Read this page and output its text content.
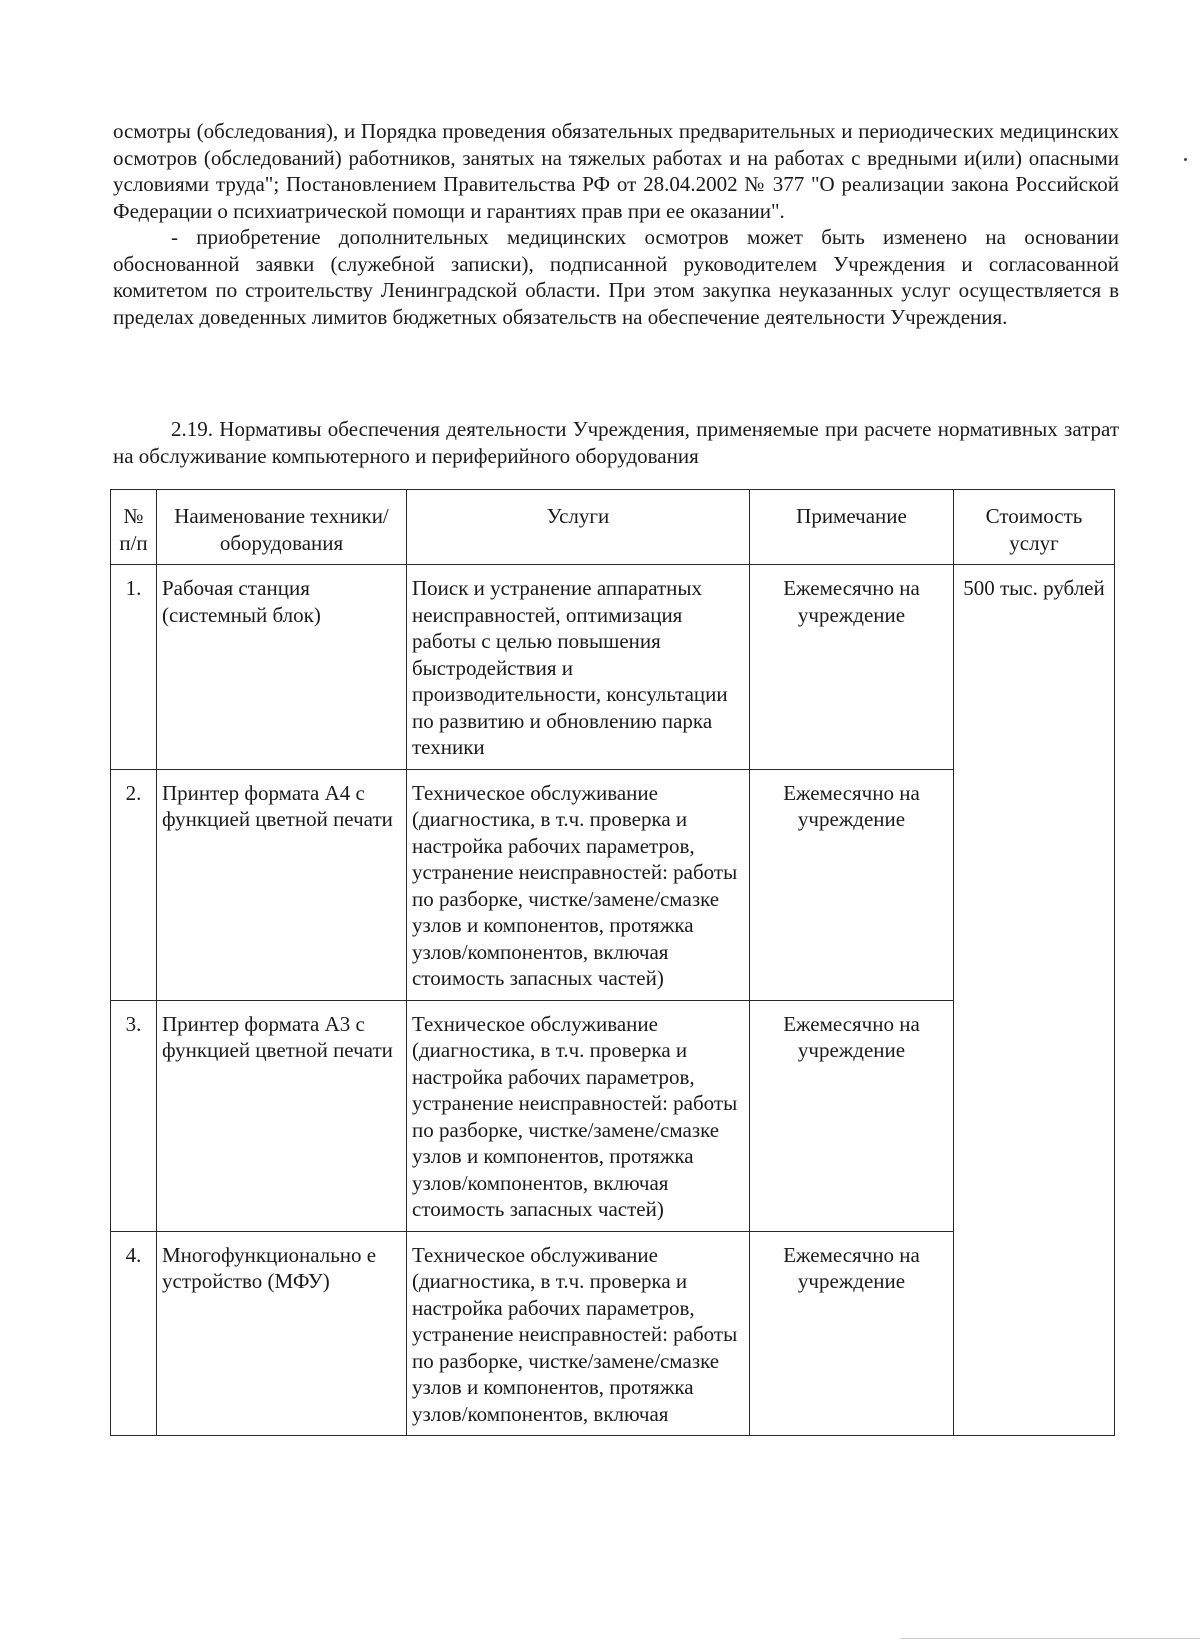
осмотры (обследования), и Порядка проведения обязательных предварительных и периодических медицинских осмотров (обследований) работников, занятых на тяжелых работах и на работах с вредными и(или) опасными условиями труда"; Постановлением Правительства РФ от 28.04.2002 № 377 "О реализации закона Российской Федерации о психиатрической помощи и гарантиях прав при ее оказании".

- приобретение дополнительных медицинских осмотров может быть изменено на основании обоснованной заявки (служебной записки), подписанной руководителем Учреждения и согласованной комитетом по строительству Ленинградской области. При этом закупка неуказанных услуг осуществляется в пределах доведенных лимитов бюджетных обязательств на обеспечение деятельности Учреждения.

2.19. Нормативы обеспечения деятельности Учреждения, применяемые при расчете нормативных затрат на обслуживание компьютерного и периферийного оборудования

№ п/п	Наименование техники/оборудования	Услуги	Примечание	Стоимость услуг
1.	Рабочая станция (системный блок)	Поиск и устранение аппаратных неисправностей, оптимизация работы с целью повышения быстродействия и производительности, консультации по развитию и обновлению парка техники	Ежемесячно на учреждение	500 тыс. рублей
2.	Принтер формата А4 с функцией цветной печати	Техническое обслуживание (диагностика, в т.ч. проверка и настройка рабочих параметров, устранение неисправностей: работы по разборке, чистке/замене/смазке узлов и компонентов, протяжка узлов/компонентов, включая стоимость запасных частей)	Ежемесячно на учреждение	
3.	Принтер формата А3 с функцией цветной печати	Техническое обслуживание (диагностика, в т.ч. проверка и настройка рабочих параметров, устранение неисправностей: работы по разборке, чистке/замене/смазке узлов и компонентов, протяжка узлов/компонентов, включая стоимость запасных частей)	Ежемесячно на учреждение	
4.	Многофункционально е устройство (МФУ)	Техническое обслуживание (диагностика, в т.ч. проверка и настройка рабочих параметров, устранение неисправностей: работы по разборке, чистке/замене/смазке узлов и компонентов, протяжка узлов/компонентов, включая	Ежемесячно на учреждение	
